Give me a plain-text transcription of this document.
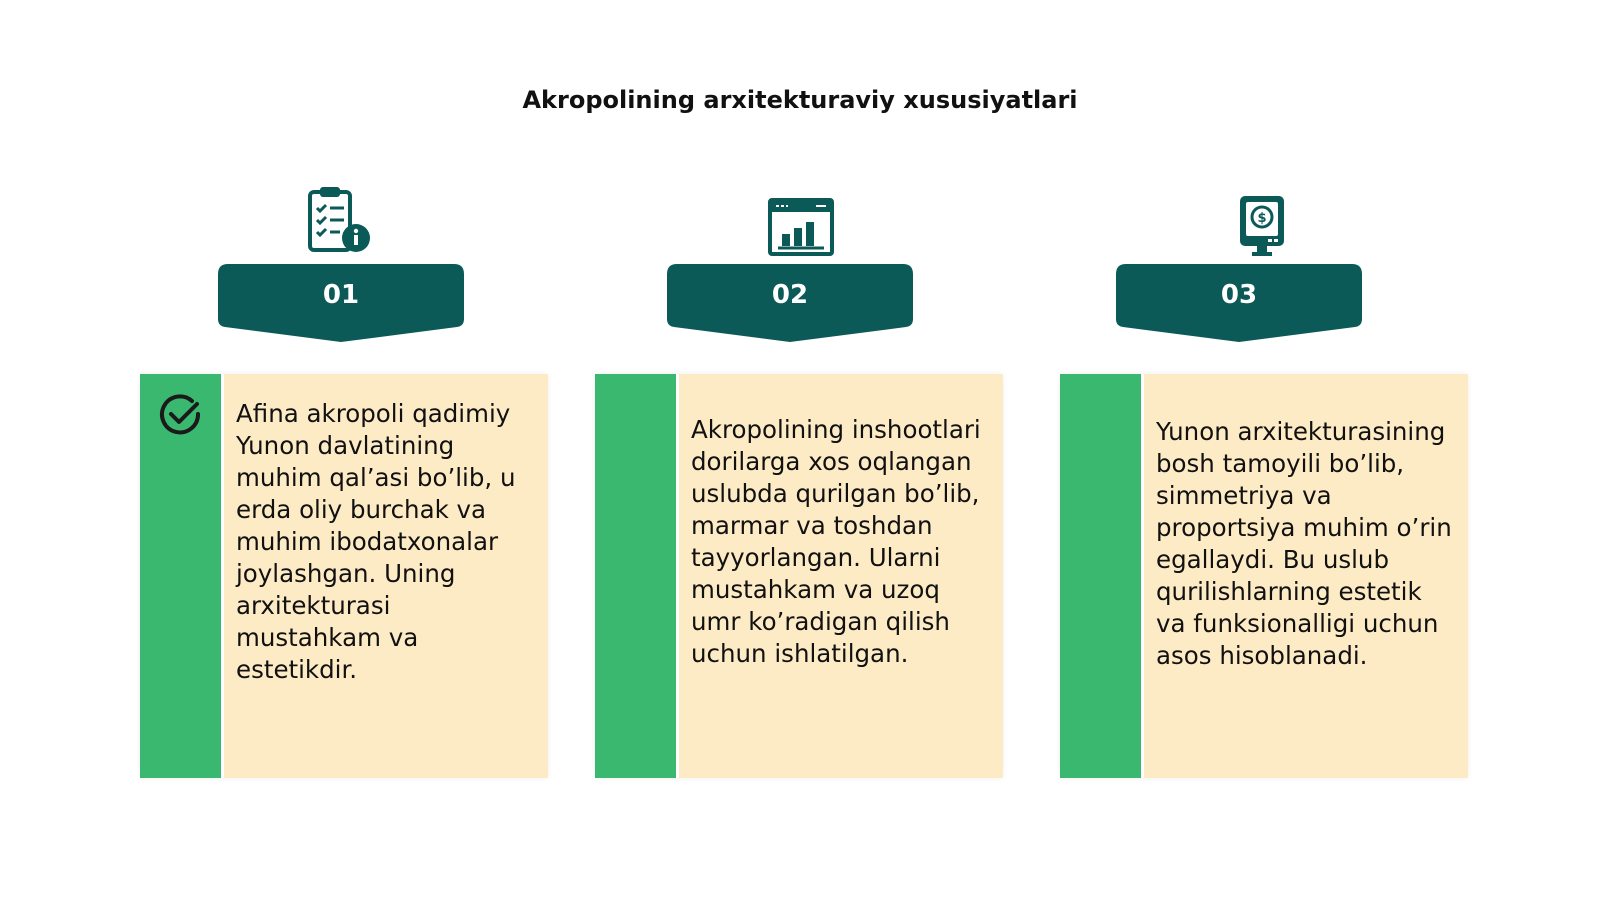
Akropolining arxitekturaviy xususiyatlari
01
Afina akropoli qadimiy Yunon davlatining muhim qal’asi bo’lib, u erda oliy burchak va muhim ibodatxonalar joylashgan. Uning arxitekturasi mustahkam va estetikdir.
02
Akropolining inshootlari dorilarga xos oqlangan uslubda qurilgan bo’lib, marmar va toshdan tayyorlangan. Ularni mustahkam va uzoq umr ko’radigan qilish uchun ishlatilgan.
$
03
Yunon arxitekturasining bosh tamoyili bo’lib, simmetriya va proportsiya muhim o’rin egallaydi. Bu uslub qurilishlarning estetik va funksionalligi uchun asos hisoblanadi.
